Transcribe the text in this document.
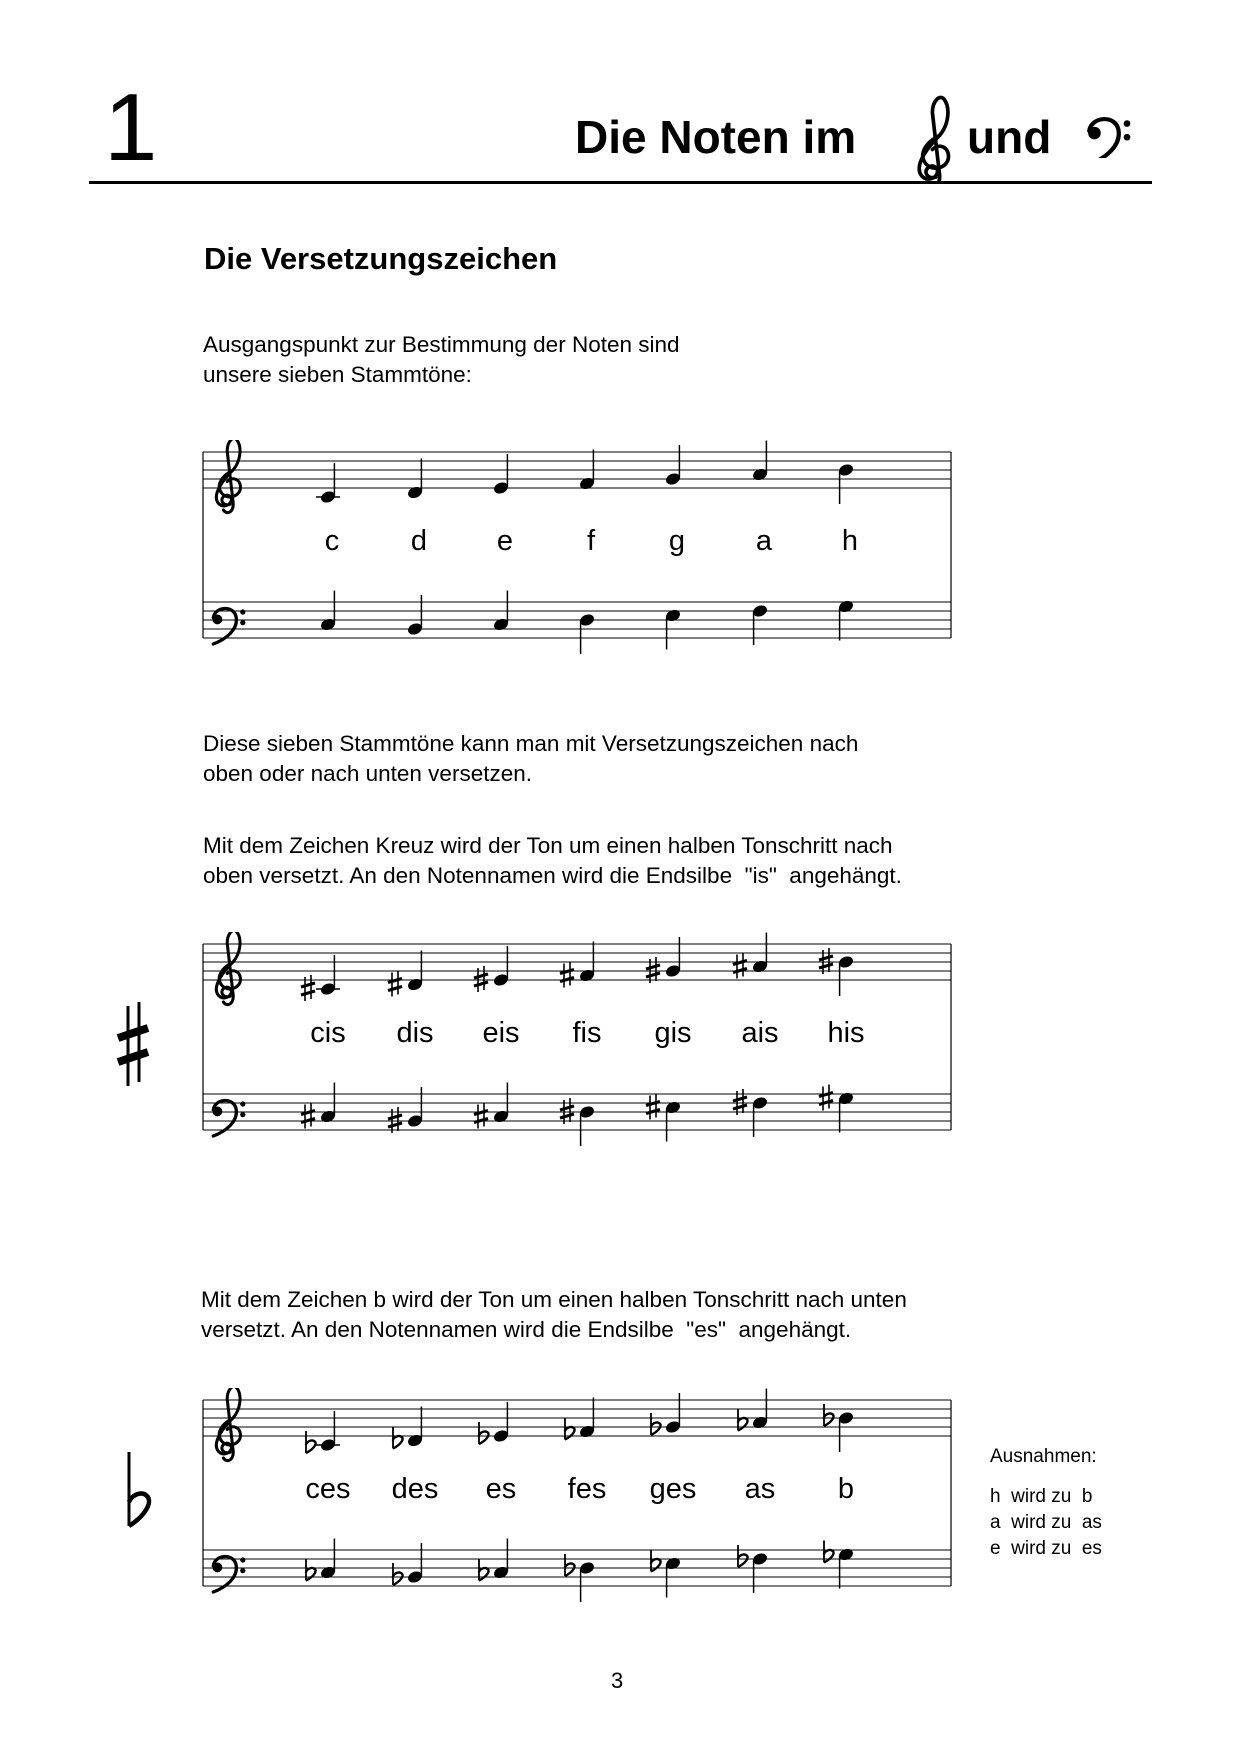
1	Die Noten im und
Die Versetzungszeichen
Ausgangspunkt zur Bestimmung der Noten sind
unsere sieben Stammtöne:
Diese sieben Stammtöne kann man mit Versetzungszeichen nach
oben oder nach unten versetzen.
Mit dem Zeichen Kreuz wird der Ton um einen halben Tonschritt nach
oben versetzt. An den Notennamen wird die Endsilbe  "is"  angehängt.
Mit dem Zeichen b wird der Ton um einen halben Tonschritt nach unten
versetzt. An den Notennamen wird die Endsilbe  "es"  angehängt.
c d e	f	g a h
cis dis eis fis gis ais his
ces des es fes ges as b
Ausnahmen:
h  wird zu  b
a  wird zu  as
e  wird zu  es
3
